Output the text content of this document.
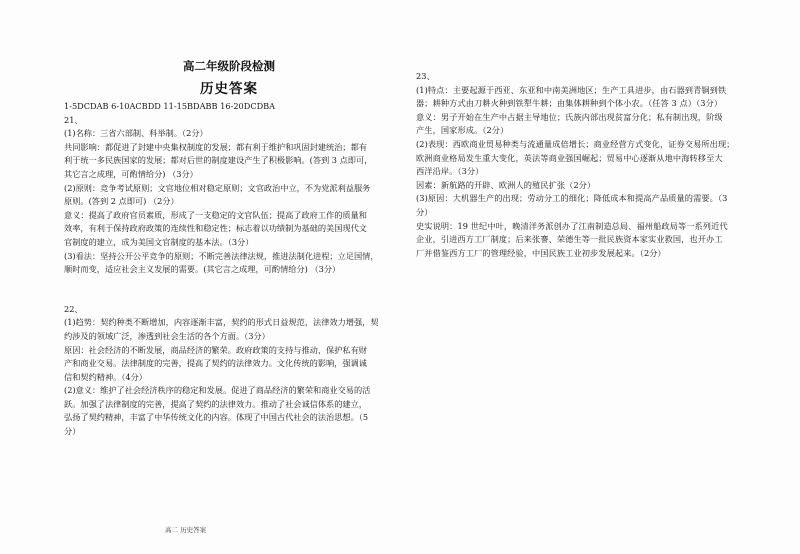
高二年级阶段检测
历史答案
1-5DCDAB 6-10ACBDD 11-15BDABB 16-20DCDBA
21、
(1)名称：三省六部制、科举制。（2分）
共同影响：都促进了封建中央集权制度的发展；都有利于维护和巩固封建统治；都有
利于统一多民族国家的发展；都对后世的制度建设产生了积极影响。(答到 3 点即可，
其它言之成理，可酌情给分) （3分）
(2)原则：竞争考试原则；文官地位相对稳定原则；文官政治中立，不为党派利益服务
原则。(答到 2 点即可) （2分）
意义：提高了政府官员素质，形成了一支稳定的文官队伍；提高了政府工作的质量和
效率，有利于保持政府政策的连续性和稳定性；标志着以功绩制为基础的美国现代文
官制度的建立，成为美国文官制度的基本法。（3分）
(3)看法：坚持公开公平竞争的原则；不断完善法律法规，推进法制化进程；立足国情，
顺时而变，适应社会主义发展的需要。(其它言之成理，可酌情给分) （3分）
22、
(1)趋势：契约种类不断增加，内容逐渐丰富，契约的形式日益规范，法律效力增强，契
约涉及的领域广泛，渗透到社会生活的各个方面。（3分）
原因：社会经济的不断发展，商品经济的繁荣。政府政策的支持与推动，保护私有财
产和商业交易。法律制度的完善，提高了契约的法律效力。文化传统的影响，强调诚
信和契约精神。（4分）
(2)意义：维护了社会经济秩序的稳定和发展。促进了商品经济的繁荣和商业交易的活
跃。加强了法律制度的完善，提高了契约的法律效力。推动了社会诚信体系的建立，
弘扬了契约精神，丰富了中华传统文化的内容。体现了中国古代社会的法治思想。（5
分）
23、
(1)特点：主要起源于西亚、东亚和中南美洲地区；生产工具进步，由石器到青铜到铁
器；耕种方式由刀耕火种到铁犁牛耕；由集体耕种到个体小农。（任答 3 点）（3分）
意义：男子开始在生产中占据主导地位；氏族内部出现贫富分化；私有制出现，阶级
产生，国家形成。（2分）
(2)表现：西欧商业贸易种类与流通量成倍增长；商业经营方式变化，证券交易所出现；
欧洲商业格局发生重大变化，英法等商业强国崛起；贸易中心逐渐从地中海转移至大
西洋沿岸。（3分）
因素：新航路的开辟、欧洲人的殖民扩张（2分）
(3)原因：大机器生产的出现；劳动分工的细化；降低成本和提高产品质量的需要。（3
分）
史实说明：19 世纪中叶，晚清洋务派创办了江南制造总局、福州船政局等一系列近代
企业，引进西方工厂制度；后来张謇、荣德生等一批民族资本家实业救国，也开办工
厂并借鉴西方工厂的管理经验，中国民族工业初步发展起来。（2分）
高二 历史答案
